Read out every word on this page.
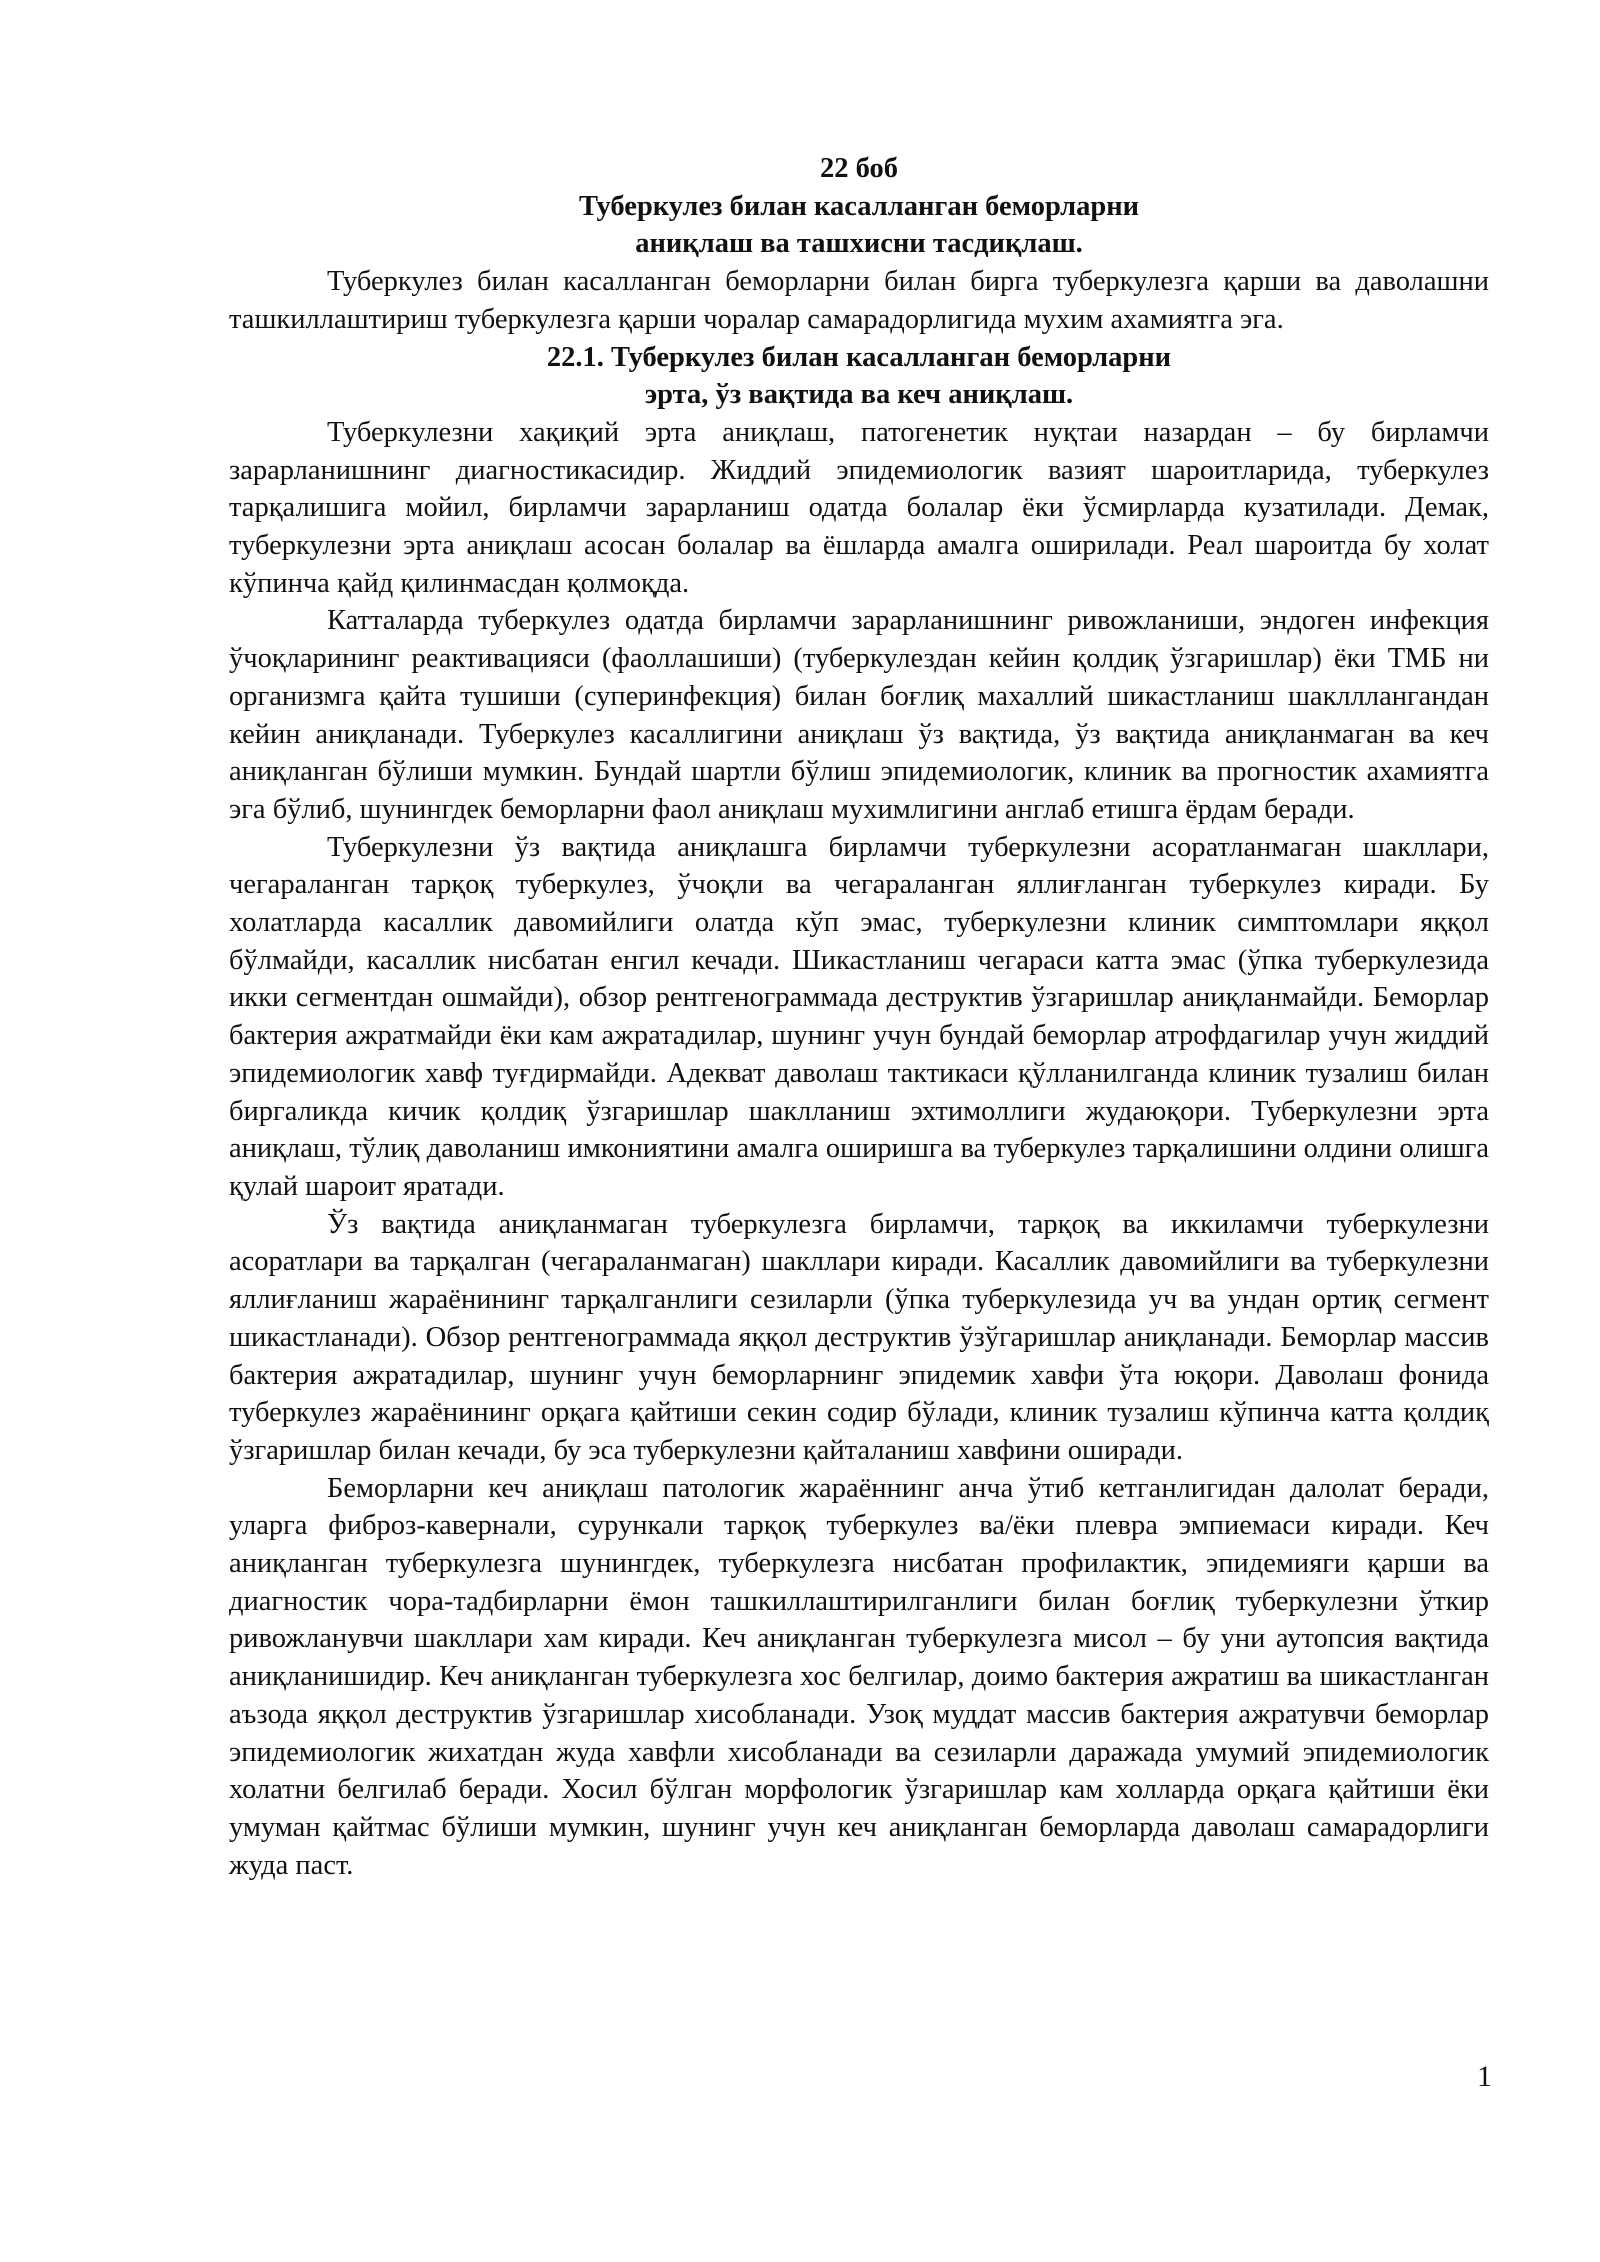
22 боб

Туберкулез билан касалланган беморларни

аниқлаш ва ташхисни тасдиқлаш.

Туберкулез билан касалланган беморларни билан бирга туберкулезга қарши ва даволашни ташкиллаштириш туберкулезга қарши чоралар самарадорлигида мухим ахамиятга эга.

22.1. Туберкулез билан касалланган беморларни

эрта, ўз вақтида ва кеч аниқлаш.

Туберкулезни хақиқий эрта аниқлаш, патогенетик нуқтаи назардан – бу бирламчи зарарланишнинг диагностикасидир. Жиддий эпидемиологик вазият шароитларида, туберкулез тарқалишига мойил, бирламчи зарарланиш одатда болалар ёки ўсмирларда кузатилади. Демак, туберкулезни эрта аниқлаш асосан болалар ва ёшларда амалга оширилади. Реал шароитда бу холат кўпинча қайд қилинмасдан қолмоқда.

Катталарда туберкулез одатда бирламчи зарарланишнинг ривожланиши, эндоген инфекция ўчоқларининг реактивацияси (фаоллашиши) (туберкулездан кейин қолдиқ ўзгаришлар) ёки ТМБ ни организмга қайта тушиши (суперинфекция) билан боғлиқ махаллий шикастланиш шаклллангандан кейин аниқланади. Туберкулез касаллигини аниқлаш ўз вақтида, ўз вақтида аниқланмаган ва кеч аниқланган бўлиши мумкин. Бундай шартли бўлиш эпидемиологик, клиник ва прогностик ахамиятга эга бўлиб, шунингдек беморларни фаол аниқлаш мухимлигини англаб етишга ёрдам беради.

Туберкулезни ўз вақтида аниқлашга бирламчи туберкулезни асоратланмаган шакллари, чегараланган тарқоқ туберкулез, ўчоқли ва чегараланган яллиғланган туберкулез киради. Бу холатларда касаллик давомийлиги олатда кўп эмас, туберкулезни клиник симптомлари яққол бўлмайди, касаллик нисбатан енгил кечади. Шикастланиш чегараси катта эмас (ўпка туберкулезида икки сегментдан ошмайди), обзор рентгенограммада деструктив ўзгаришлар аниқланмайди. Беморлар бактерия ажратмайди ёки кам ажратадилар, шунинг учун бундай беморлар атрофдагилар учун жиддий эпидемиологик хавф туғдирмайди. Адекват даволаш тактикаси қўлланилганда клиник тузалиш билан биргаликда кичик қолдиқ ўзгаришлар шаклланиш эхтимоллиги жудаюқори. Туберкулезни эрта аниқлаш, тўлиқ даволаниш имкониятини амалга оширишга ва туберкулез тарқалишини олдини олишга қулай шароит яратади.

Ўз вақтида аниқланмаган туберкулезга бирламчи, тарқоқ ва иккиламчи туберкулезни асоратлари ва тарқалган (чегараланмаган) шакллари киради. Касаллик давомийлиги ва туберкулезни яллиғланиш жараёнининг тарқалганлиги сезиларли (ўпка туберкулезида уч ва ундан ортиқ сегмент шикастланади). Обзор рентгенограммада яққол деструктив ўзўгаришлар аниқланади. Беморлар массив бактерия ажратадилар, шунинг учун беморларнинг эпидемик хавфи ўта юқори. Даволаш фонида туберкулез жараёнининг орқага қайтиши секин содир бўлади, клиник тузалиш кўпинча катта қолдиқ ўзгаришлар билан кечади, бу эса туберкулезни қайталаниш хавфини оширади.

Беморларни кеч аниқлаш патологик жараённинг анча ўтиб кетганлигидан далолат беради, уларга фиброз-кавернали, сурункали тарқоқ туберкулез ва/ёки плевра эмпиемаси киради. Кеч аниқланган туберкулезга шунингдек, туберкулезга нисбатан профилактик, эпидемияги қарши ва диагностик чора-тадбирларни ёмон ташкиллаштирилганлиги билан боғлиқ туберкулезни ўткир ривожланувчи шакллари хам киради. Кеч аниқланган туберкулезга мисол – бу уни аутопсия вақтида аниқланишидир. Кеч аниқланган туберкулезга хос белгилар, доимо бактерия ажратиш ва шикастланган аъзода яққол деструктив ўзгаришлар хисобланади. Узоқ муддат массив бактерия ажратувчи беморлар эпидемиологик жихатдан жуда хавфли хисобланади ва сезиларли даражада умумий эпидемиологик холатни белгилаб беради. Хосил бўлган морфологик ўзгаришлар кам холларда орқага қайтиши ёки умуман қайтмас бўлиши мумкин, шунинг учун кеч аниқланган беморларда даволаш самарадорлиги жуда паст.

1
